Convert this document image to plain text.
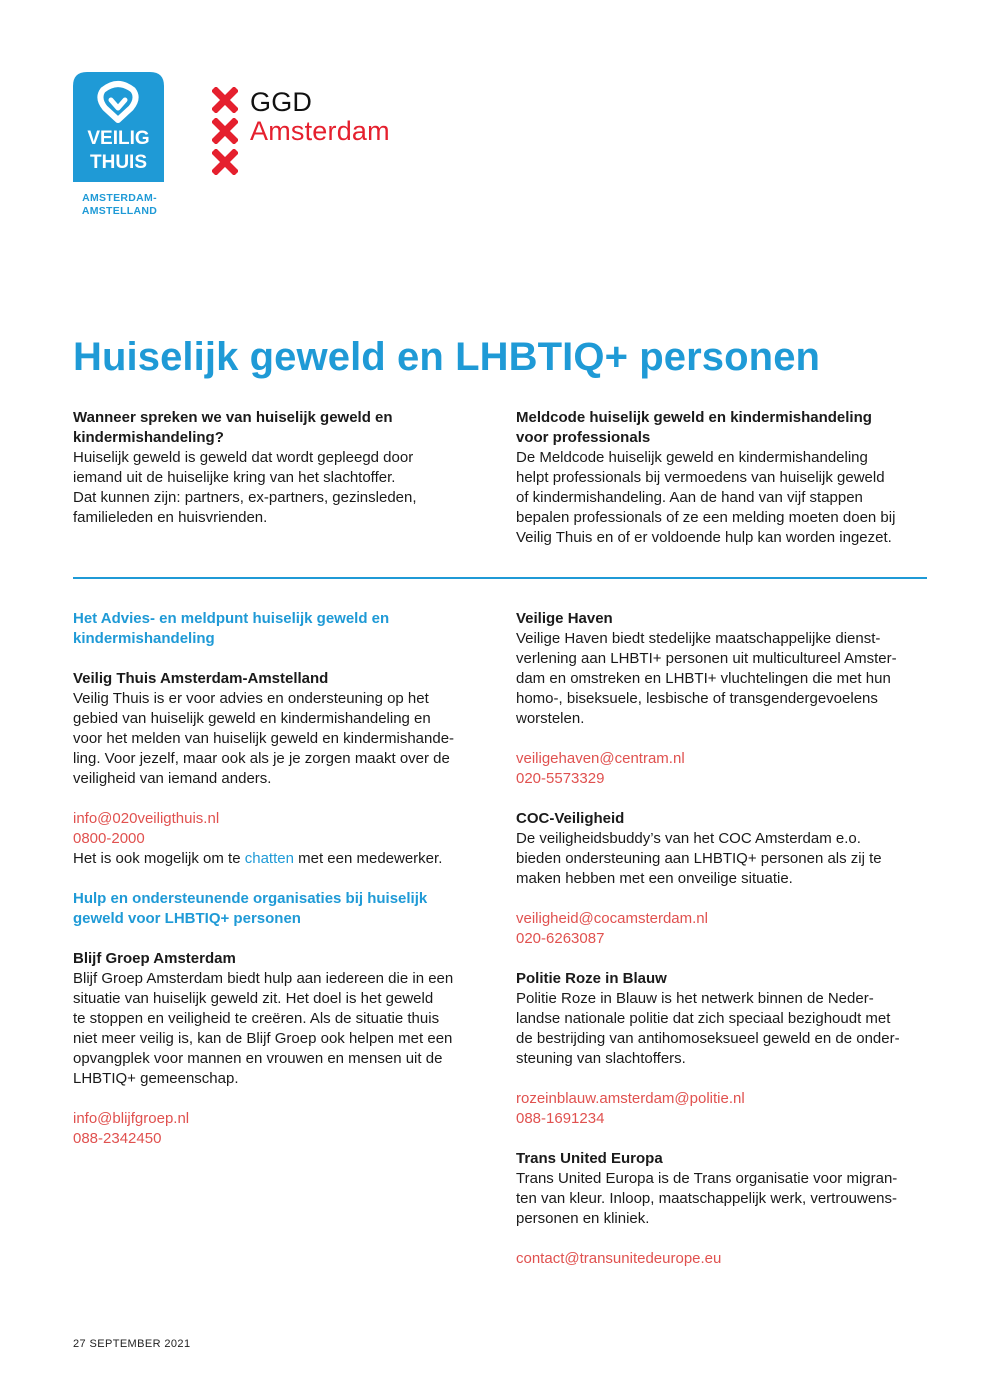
VEILIG
THUIS
AMSTERDAM-
AMSTELLAND
GGD
Amsterdam
Huiselijk geweld en LHBTIQ+ personen
Wanneer spreken we van huiselijk geweld en
kindermishandeling?
Huiselijk geweld is geweld dat wordt gepleegd door
iemand uit de huiselijke kring van het slachtoffer.
Dat kunnen zijn: partners, ex-partners, gezinsleden,
familieleden en huisvrienden.
Meldcode huiselijk geweld en kindermishandeling
voor professionals
De Meldcode huiselijk geweld en kindermishandeling
helpt professionals bij vermoedens van huiselijk geweld
of kindermishandeling. Aan de hand van vijf stappen
bepalen professionals of ze een melding moeten doen bij
Veilig Thuis en of er voldoende hulp kan worden ingezet.
Het Advies- en meldpunt huiselijk geweld en
kindermishandeling
Veilig Thuis Amsterdam-Amstelland
Veilig Thuis is er voor advies en ondersteuning op het
gebied van huiselijk geweld en kindermishandeling en
voor het melden van huiselijk geweld en kindermishande-
ling. Voor jezelf, maar ook als je je zorgen maakt over de
veiligheid van iemand anders.
info@020veiligthuis.nl
0800-2000
Het is ook mogelijk om te chatten met een medewerker.
Hulp en ondersteunende organisaties bij huiselijk
geweld voor LHBTIQ+ personen
Blijf Groep Amsterdam
Blijf Groep Amsterdam biedt hulp aan iedereen die in een
situatie van huiselijk geweld zit. Het doel is het geweld
te stoppen en veiligheid te creëren. Als de situatie thuis
niet meer veilig is, kan de Blijf Groep ook helpen met een
opvangplek voor mannen en vrouwen en mensen uit de
LHBTIQ+ gemeenschap.
info@blijfgroep.nl
088-2342450
Veilige Haven
Veilige Haven biedt stedelijke maatschappelijke dienst-
verlening aan LHBTI+ personen uit multicultureel Amster-
dam en omstreken en LHBTI+ vluchtelingen die met hun
homo-, biseksuele, lesbische of transgendergevoelens
worstelen.
veiligehaven@centram.nl
020-5573329
COC-Veiligheid
De veiligheidsbuddy’s van het COC Amsterdam e.o.
bieden ondersteuning aan LHBTIQ+ personen als zij te
maken hebben met een onveilige situatie.
veiligheid@cocamsterdam.nl
020-6263087
Politie Roze in Blauw
Politie Roze in Blauw is het netwerk binnen de Neder-
landse nationale politie dat zich speciaal bezighoudt met
de bestrijding van antihomoseksueel geweld en de onder-
steuning van slachtoffers.
rozeinblauw.amsterdam@politie.nl
088-1691234
Trans United Europa
Trans United Europa is de Trans organisatie voor migran-
ten van kleur. Inloop, maatschappelijk werk, vertrouwens-
personen en kliniek.
contact@transunitedeurope.eu
27 SEPTEMBER 2021
